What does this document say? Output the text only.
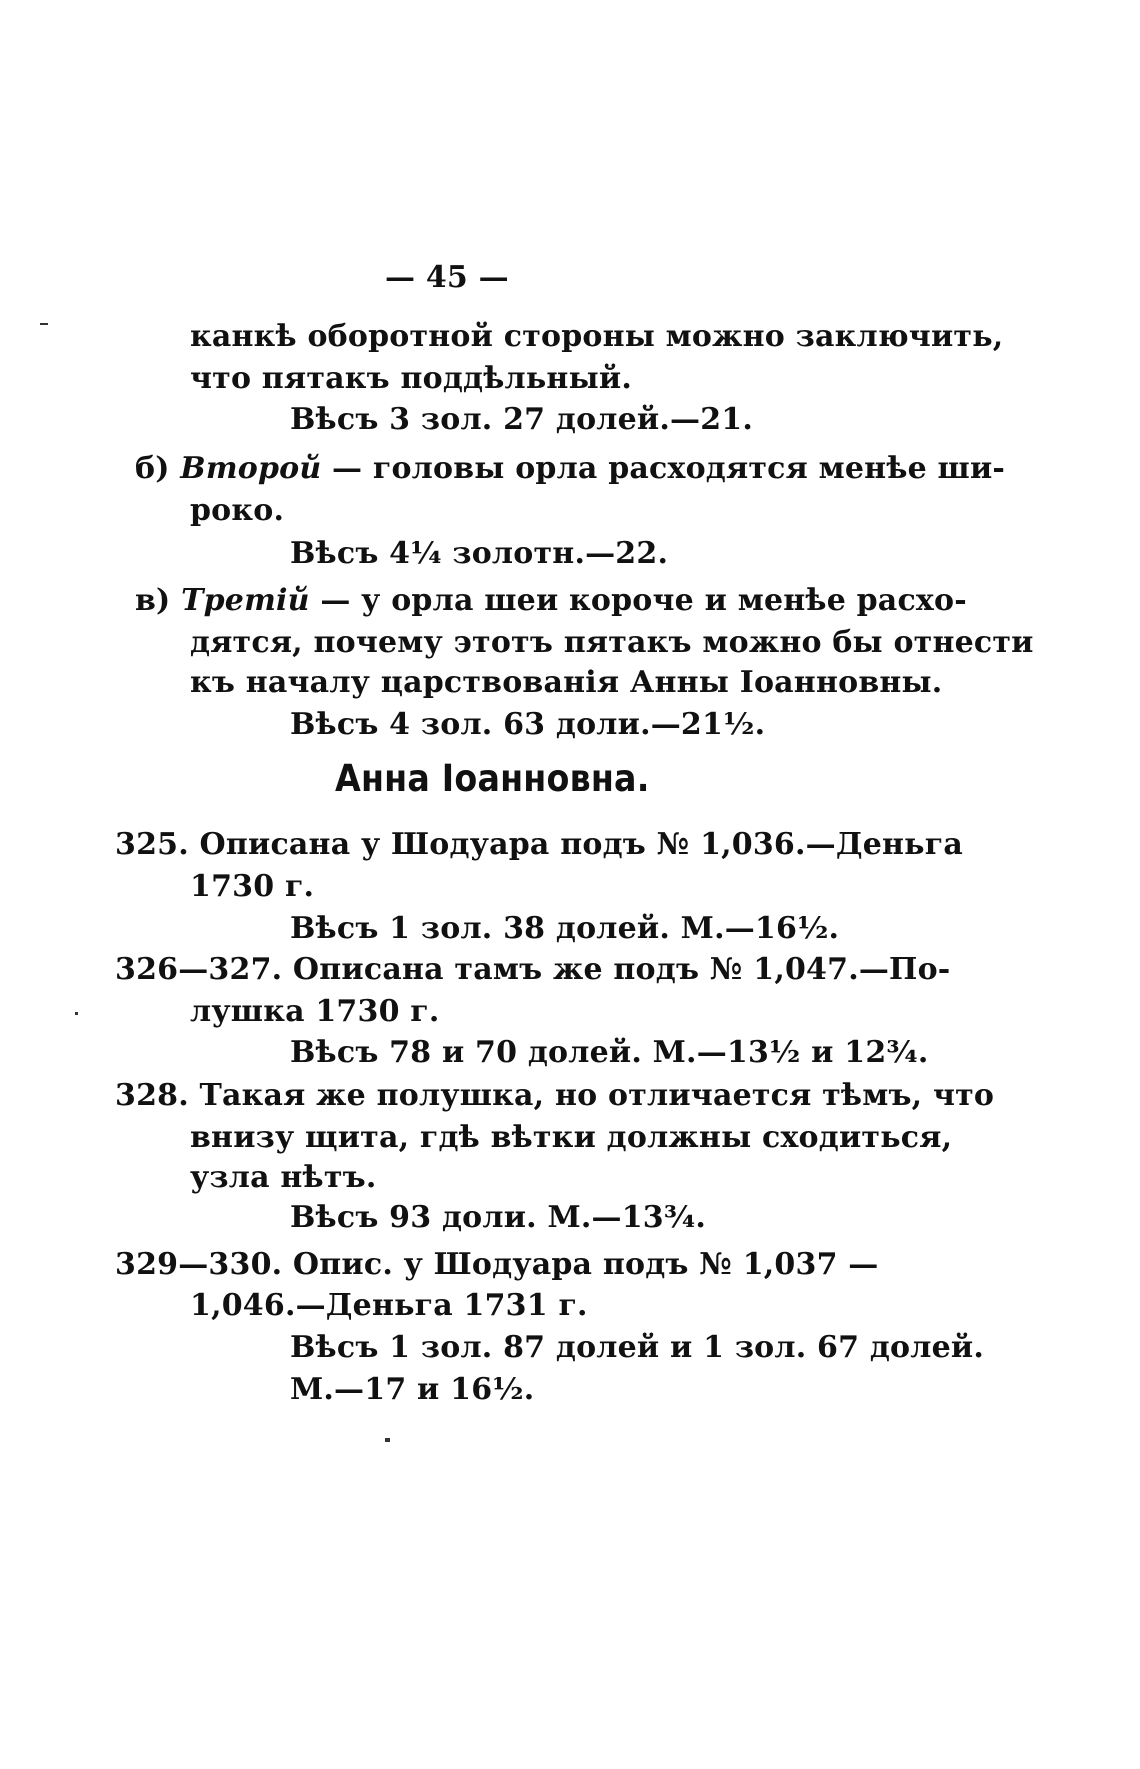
— 45 —
канкѣ оборотной стороны можно заключить,
что пятакъ поддѣльный.
Вѣсъ 3 зол. 27 долей.—21.
б) Второй — головы орла расходятся менѣе ши-
роко.
Вѣсъ 4¼ золотн.—22.
в) Третій — у орла шеи короче и менѣе расхо-
дятся, почему этотъ пятакъ можно бы отнести
къ началу царствованія Анны Іоанновны.
Вѣсъ 4 зол. 63 доли.—21½.
Анна Іоанновна.
325. Описана у Шодуара подъ № 1,036.—Деньга
1730 г.
Вѣсъ 1 зол. 38 долей. М.—16½.
326—327. Описана тамъ же подъ № 1,047.—По-
лушка 1730 г.
Вѣсъ 78 и 70 долей. М.—13½ и 12¾.
328. Такая же полушка, но отличается тѣмъ, что
внизу щита, гдѣ вѣтки должны сходиться,
узла нѣтъ.
Вѣсъ 93 доли. М.—13¾.
329—330. Опис. у Шодуара подъ № 1,037 —
1,046.—Деньга 1731 г.
Вѣсъ 1 зол. 87 долей и 1 зол. 67 долей.
М.—17 и 16½.
